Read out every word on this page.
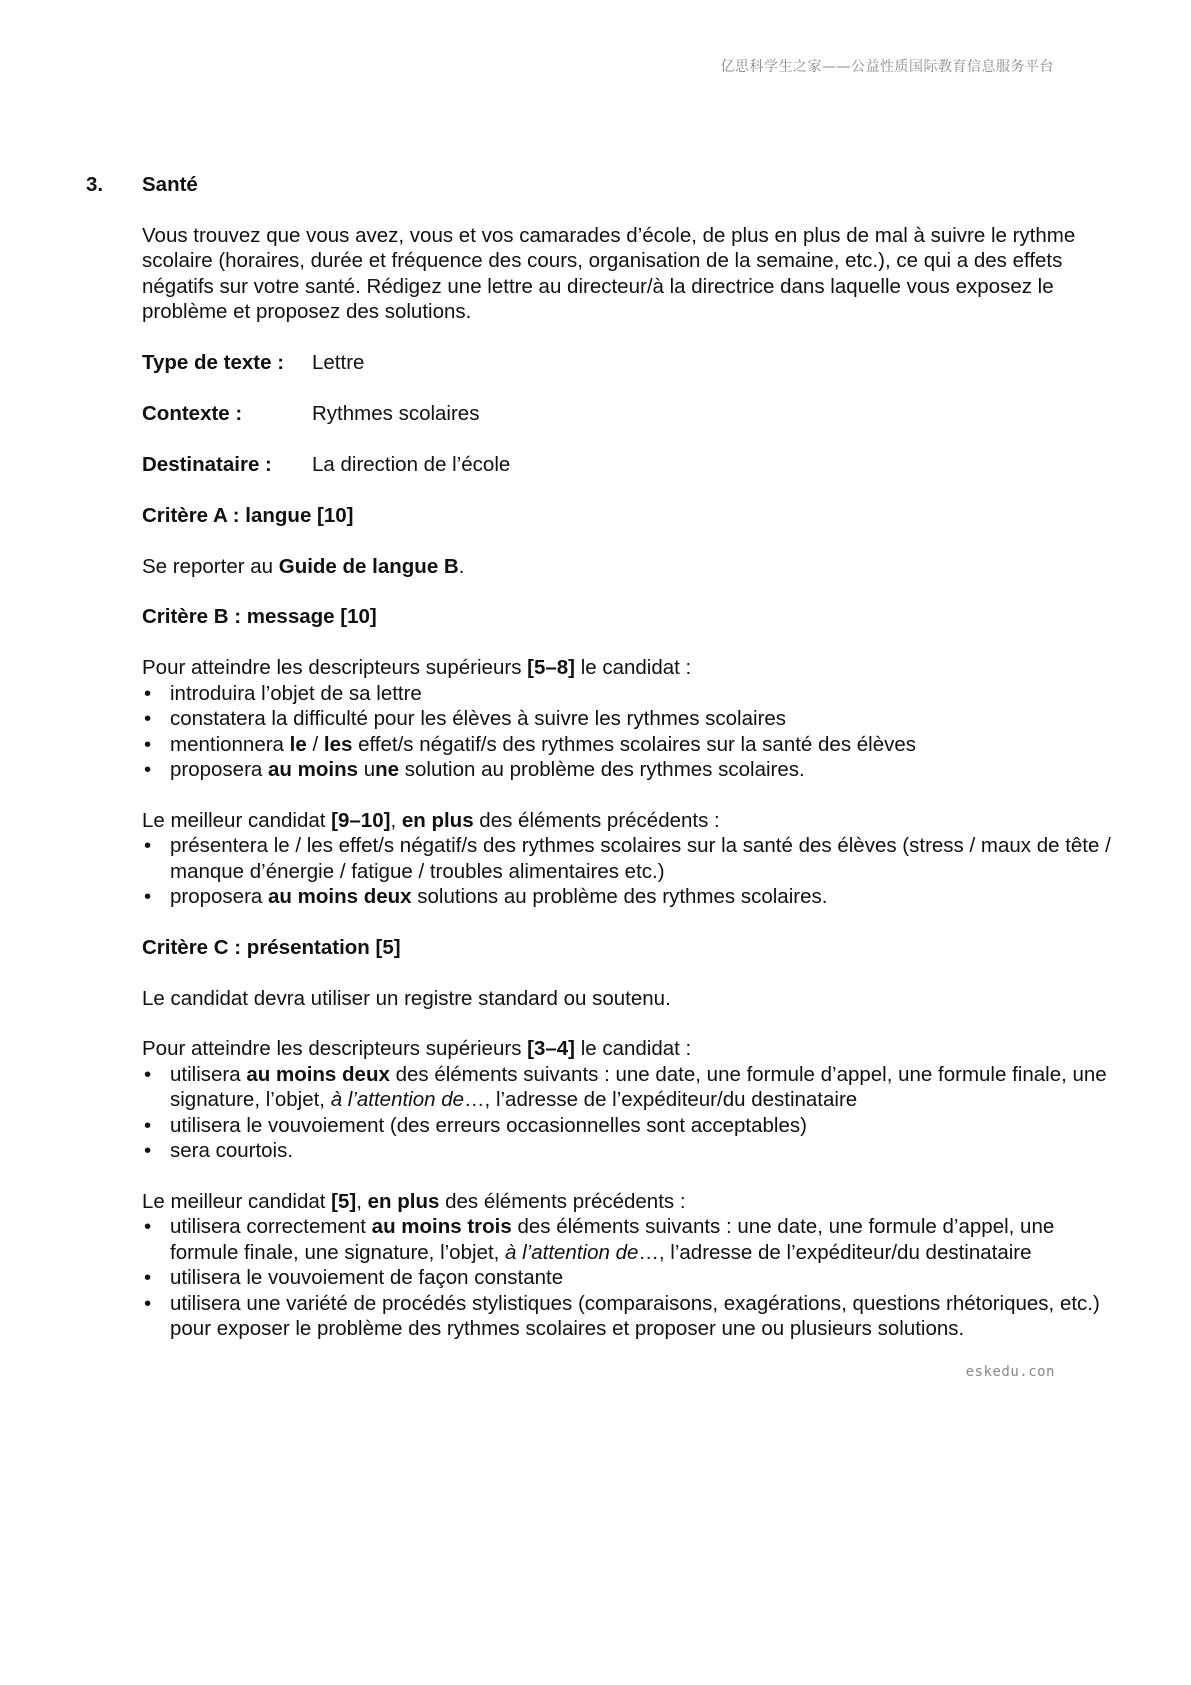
亿思科学生之家——公益性质国际教育信息服务平台
3.	Santé

Vous trouvez que vous avez, vous et vos camarades d’école, de plus en plus de mal à suivre le rythme scolaire (horaires, durée et fréquence des cours, organisation de la semaine, etc.), ce qui a des effets négatifs sur votre santé. Rédigez une lettre au directeur/à la directrice dans laquelle vous exposez le problème et proposez des solutions.

Type de texte :	Lettre
Contexte :	Rythmes scolaires
Destinataire :	La direction de l’école
Critère A : langue [10]

Se reporter au Guide de langue B.

Critère B : message [10]

Pour atteindre les descripteurs supérieurs [5–8] le candidat :

• introduira l’objet de sa lettre
• constatera la difficulté pour les élèves à suivre les rythmes scolaires
• mentionnera le / les effet/s négatif/s des rythmes scolaires sur la santé des élèves
• proposera au moins une solution au problème des rythmes scolaires.

Le meilleur candidat [9–10], en plus des éléments précédents :

• présentera le / les effet/s négatif/s des rythmes scolaires sur la santé des élèves (stress / maux de tête / manque d’énergie / fatigue / troubles alimentaires etc.)
• proposera au moins deux solutions au problème des rythmes scolaires.
Critère C : présentation [5]

Le candidat devra utiliser un registre standard ou soutenu.

Pour atteindre les descripteurs supérieurs [3–4] le candidat :

• utilisera au moins deux des éléments suivants : une date, une formule d’appel, une formule finale, une signature, l’objet, à l’attention de…, l’adresse de l’expéditeur/du destinataire
• utilisera le vouvoiement (des erreurs occasionnelles sont acceptables)
• sera courtois.

Le meilleur candidat [5], en plus des éléments précédents :

• utilisera correctement au moins trois des éléments suivants : une date, une formule d’appel, une formule finale, une signature, l’objet, à l’attention de…, l’adresse de l’expéditeur/du destinataire
• utilisera le vouvoiement de façon constante
• utilisera une variété de procédés stylistiques (comparaisons, exagérations, questions rhétoriques, etc.) pour exposer le problème des rythmes scolaires et proposer une ou plusieurs solutions.
eskedu.con
